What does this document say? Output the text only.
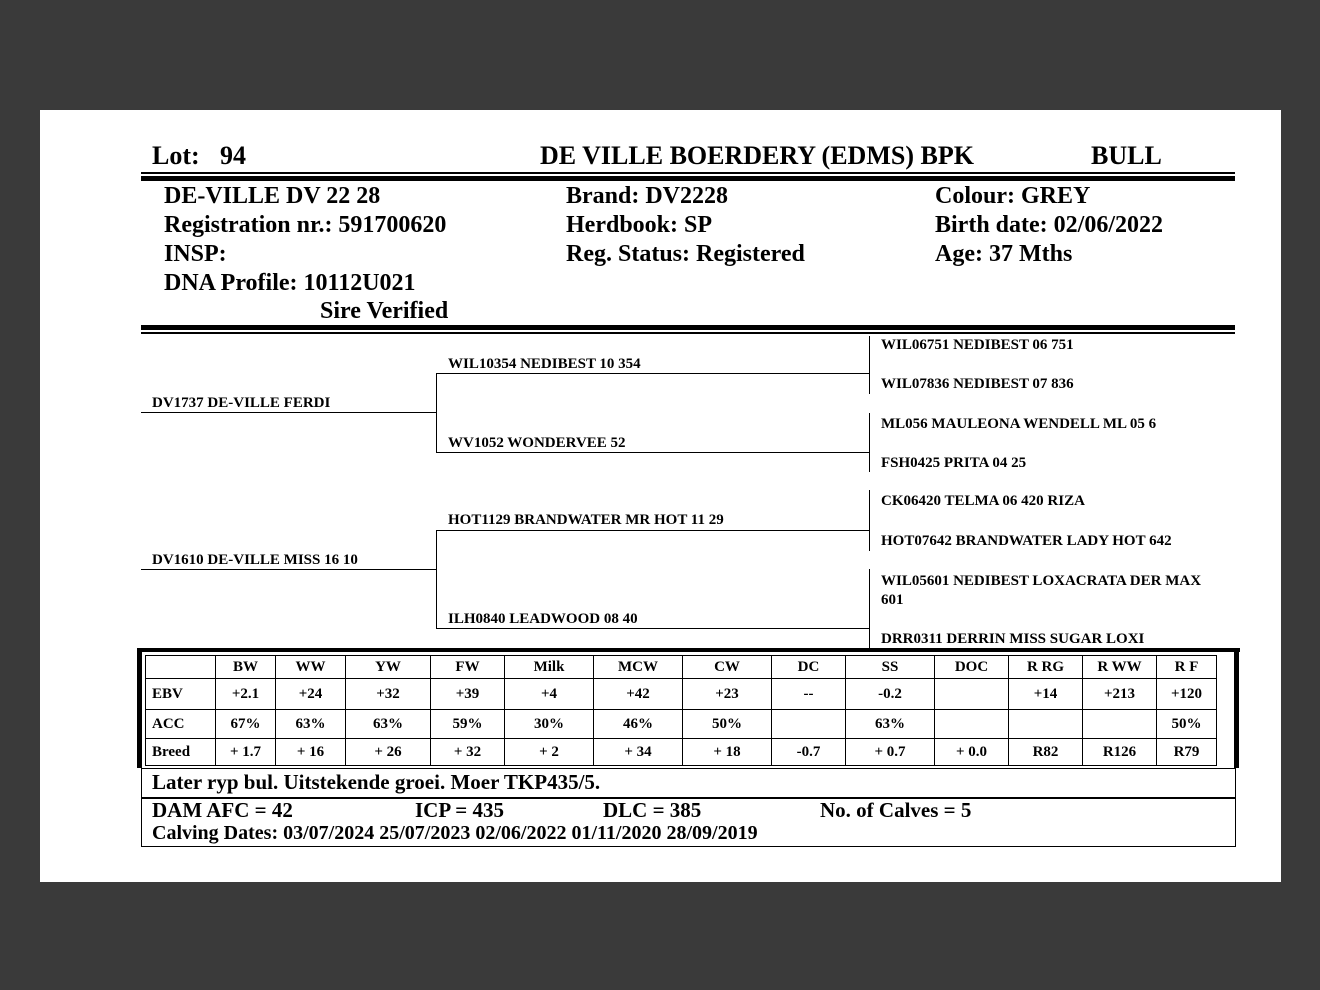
Lot: 94	DE VILLE BOERDERY (EDMS) BPK	BULL
DE-VILLE DV 22 28
Registration nr.: 591700620
INSP:
DNA Profile: 10112U021
Sire Verified
Brand: DV2228
Herdbook: SP
Reg. Status: Registered
Colour: GREY
Birth date: 02/06/2022
Age: 37 Mths
DV1737 DE-VILLE FERDI
DV1610 DE-VILLE MISS 16 10
WIL10354 NEDIBEST 10 354
WV1052 WONDERVEE 52
HOT1129 BRANDWATER MR HOT 11 29
ILH0840 LEADWOOD 08 40
WIL06751 NEDIBEST 06 751
WIL07836 NEDIBEST 07 836
ML056 MAULEONA WENDELL ML 05 6
FSH0425 PRITA 04 25
CK06420 TELMA 06 420 RIZA
HOT07642 BRANDWATER LADY HOT 642
WIL05601 NEDIBEST LOXACRATA DER MAX 601
DRR0311 DERRIN MISS SUGAR LOXI
	BW	WW	YW	FW	Milk	MCW	CW	DC	SS	DOC	R RG	R WW	R F
EBV	+2.1	+24	+32	+39	+4	+42	+23	--	-0.2		+14	+213	+120
ACC	67%	63%	63%	59%	30%	46%	50%		63%				50%
Breed	+ 1.7	+ 16	+ 26	+ 32	+ 2	+ 34	+ 18	-0.7	+ 0.7	+ 0.0	R82	R126	R79
Later ryp bul. Uitstekende groei. Moer TKP435/5.
DAM AFC = 42	ICP = 435	DLC = 385	No. of Calves = 5
Calving Dates: 03/07/2024 25/07/2023 02/06/2022 01/11/2020 28/09/2019
